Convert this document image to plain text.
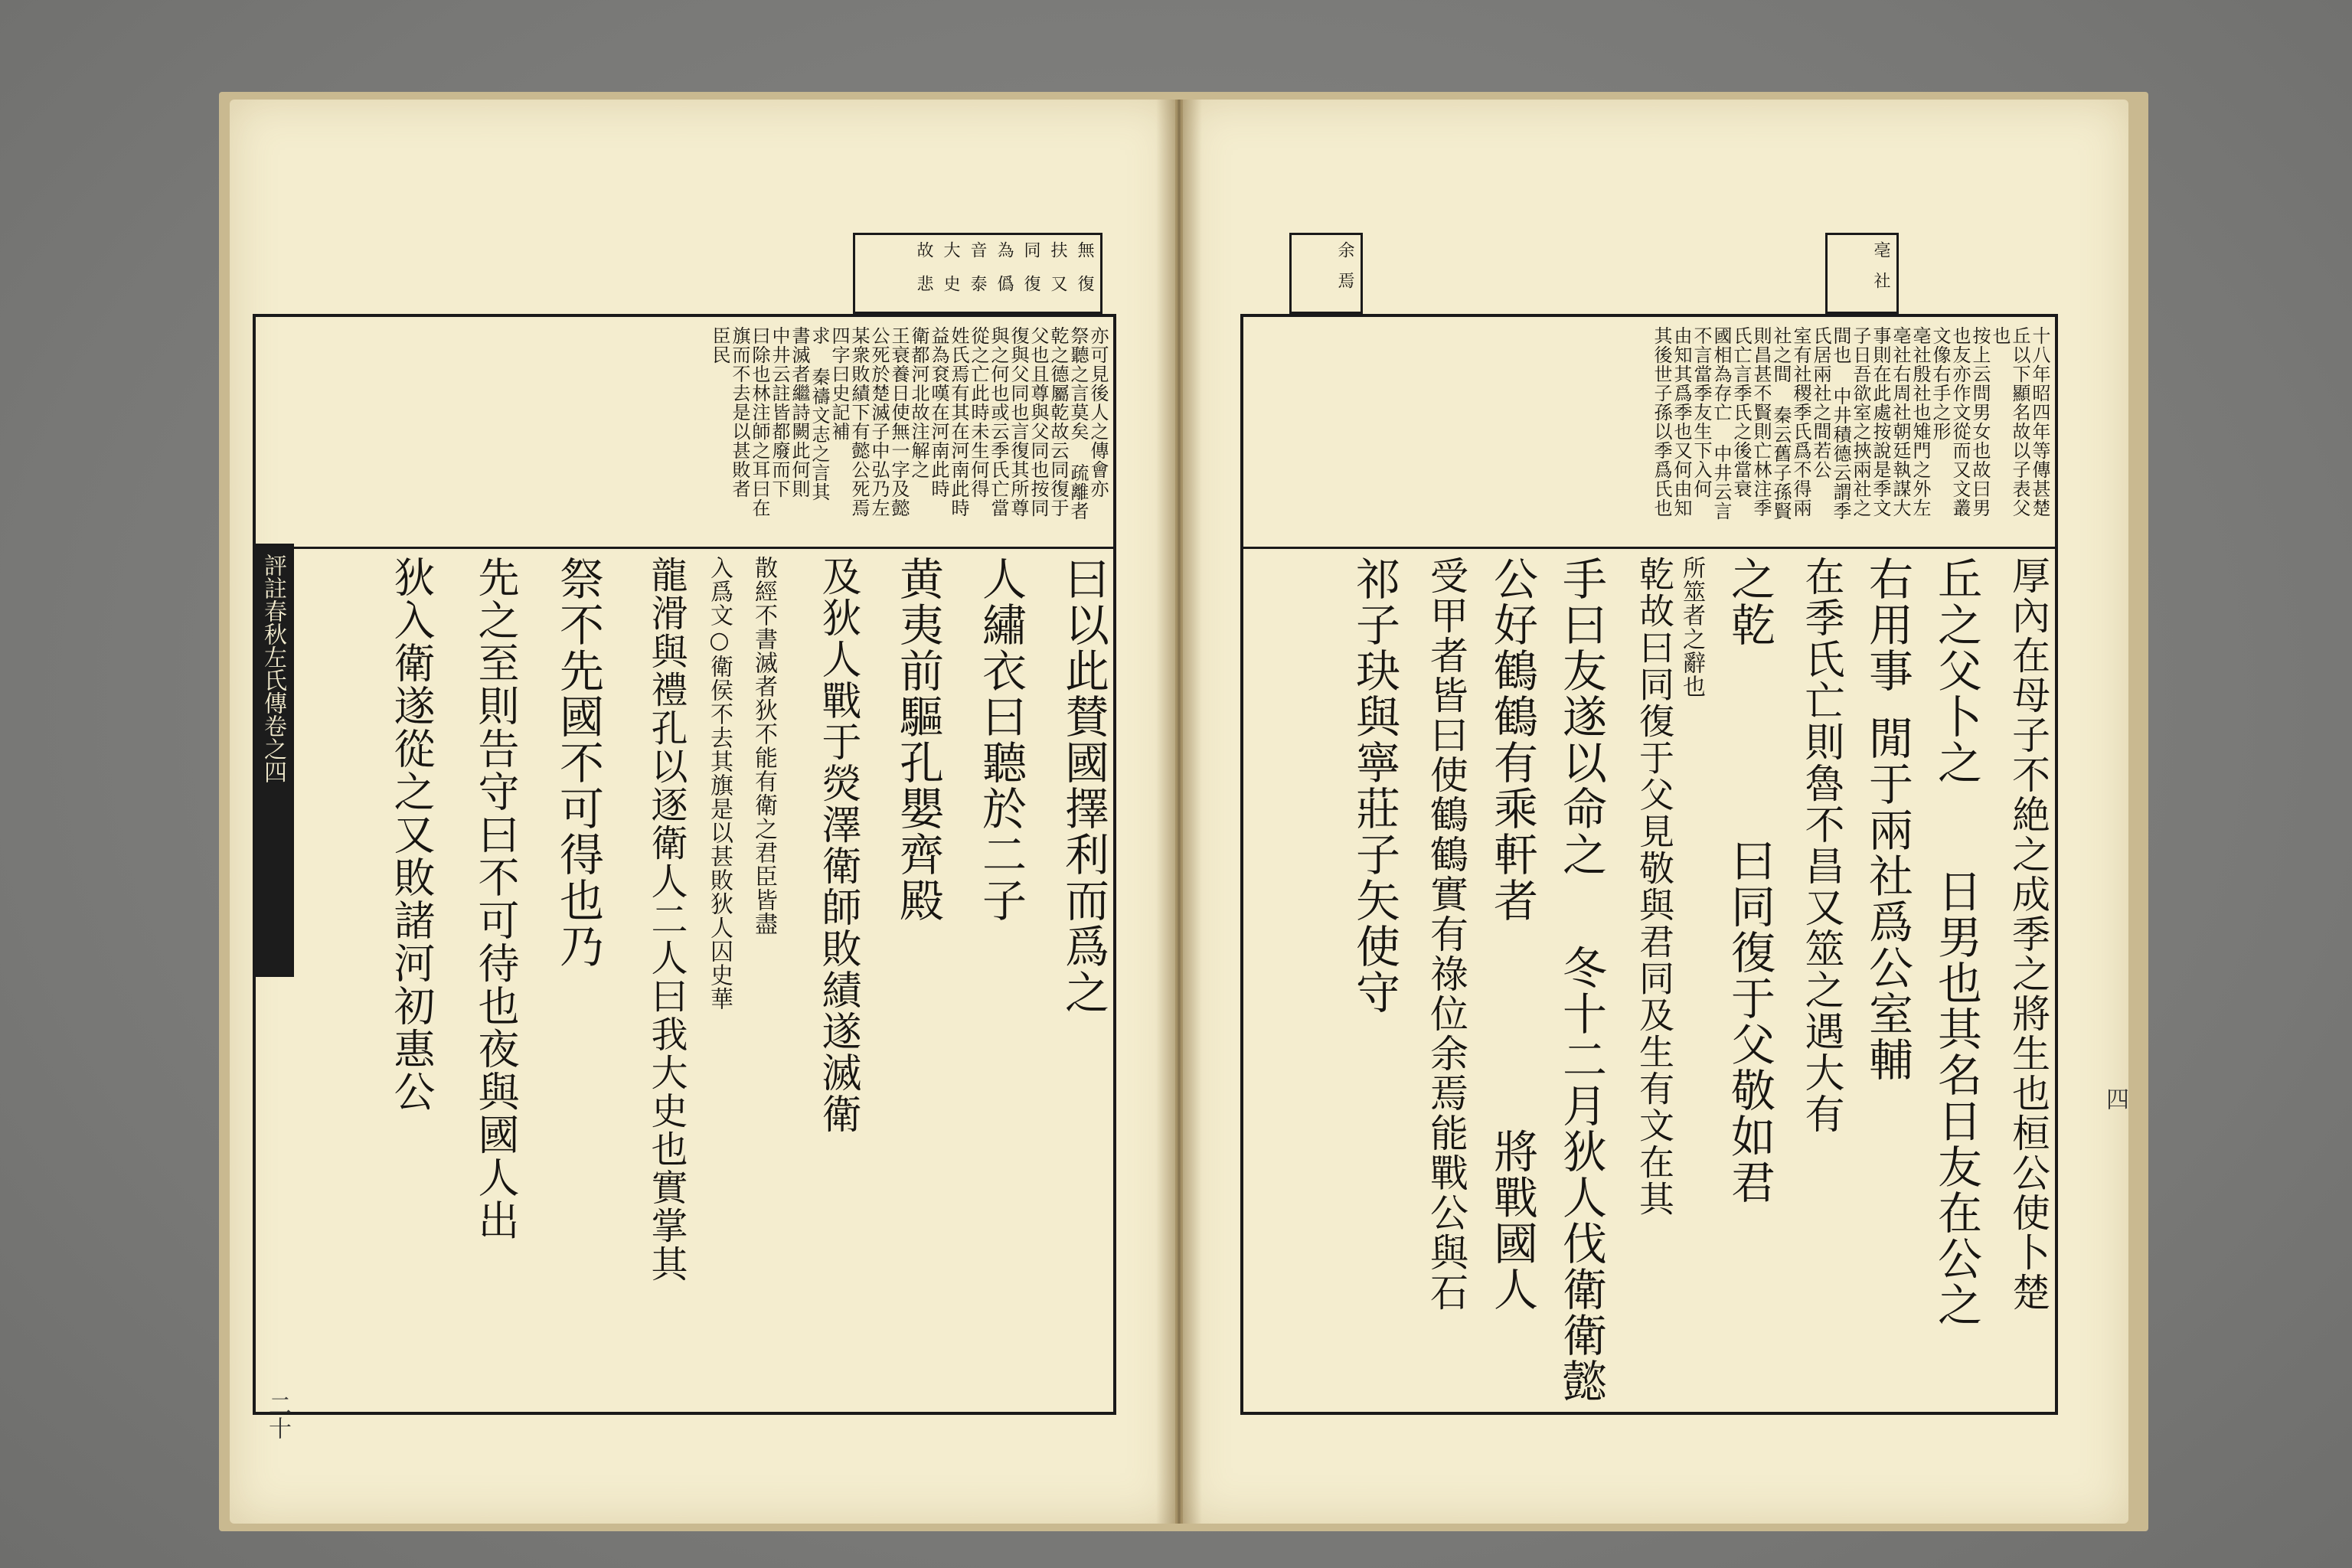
無
扶
同
為
音
大
故
復
又
復
僞
泰
史
悲
亦可見後人之傳會亦
祭聽之言莫矣 疏離者
乾之德屬乾故云同復于
父也且尊與父同也按同
復與父同也言復其所尊
與之何也或云季氏亡當
從之亡此時未生何得
姓氏焉有其在河南此時
益為袞嘆在河南此時
衛都河北故注解之
王衰養日使無一字及懿
公死於楚滅子中弘乃左
某衆敗績下有懿公死焉
四字曰史記補
求 秦禱文志之言其
書滅者繼詩闕此何則
中井云註皆都廢而下
曰除也林注師之耳曰在
旗而不去是以甚敗者
臣民
曰以此賛國擇利而爲之
人繡衣曰聽於二子
黄夷前驅孔嬰齊殿
及狄人戰于熒澤衛師敗績遂滅衛
散經不書滅者狄不能有衛之君臣皆盡
入爲文○衛侯不去其旗是以甚敗狄人囚史華
龍滑與禮孔以逐衛人二人曰我大史也實掌其
祭不先國不可得也乃
先之至則告守曰不可待也夜與國人出
狄入衛遂從之又敗諸河初惠公
評註春秋左氏傳卷之四
二十
亳
社
余
焉
十八年昭四年等傳甚楚
丘以下顯名故以子表父
也
按上云問男女也故曰男
也友亦作文從而又文叢
文像右手之形
亳社殷社也雉門之外左
亳社右周社朝廷執謀大
事則在此處按說是季文
子日吾欲室之挾兩社之
間也 中井積德云謂季
氏居兩社之間若公
室有社稷季氏爲不得兩
社之間 秦云舊子孫賢
則昌甚不賢則亡林注季
氏亡言季氏之後當衰
國相為存亡 中井云言
不言當季友生下入何
由知其爲季也又何由知
其後世子孫以季爲氏也
厚內在母子不絶之成季之將生也桓公使卜楚
丘之父卜之
右用事
閒于兩社爲公室輔 日男也其名日友在公之
在季氏亡則魯不昌又筮之遇大有
之乾
曰同復于父敬如君
所筮者之辭也
乾故曰同復于父見敬與君同及生有文在其
手曰友遂以命之
冬十二月狄人伐衛衛懿
公好鶴鶴有乘軒者
將戰國人
受甲者皆曰使鶴鶴實有祿位余焉能戰公與石
祁子玦與寧莊子矢使守
四
